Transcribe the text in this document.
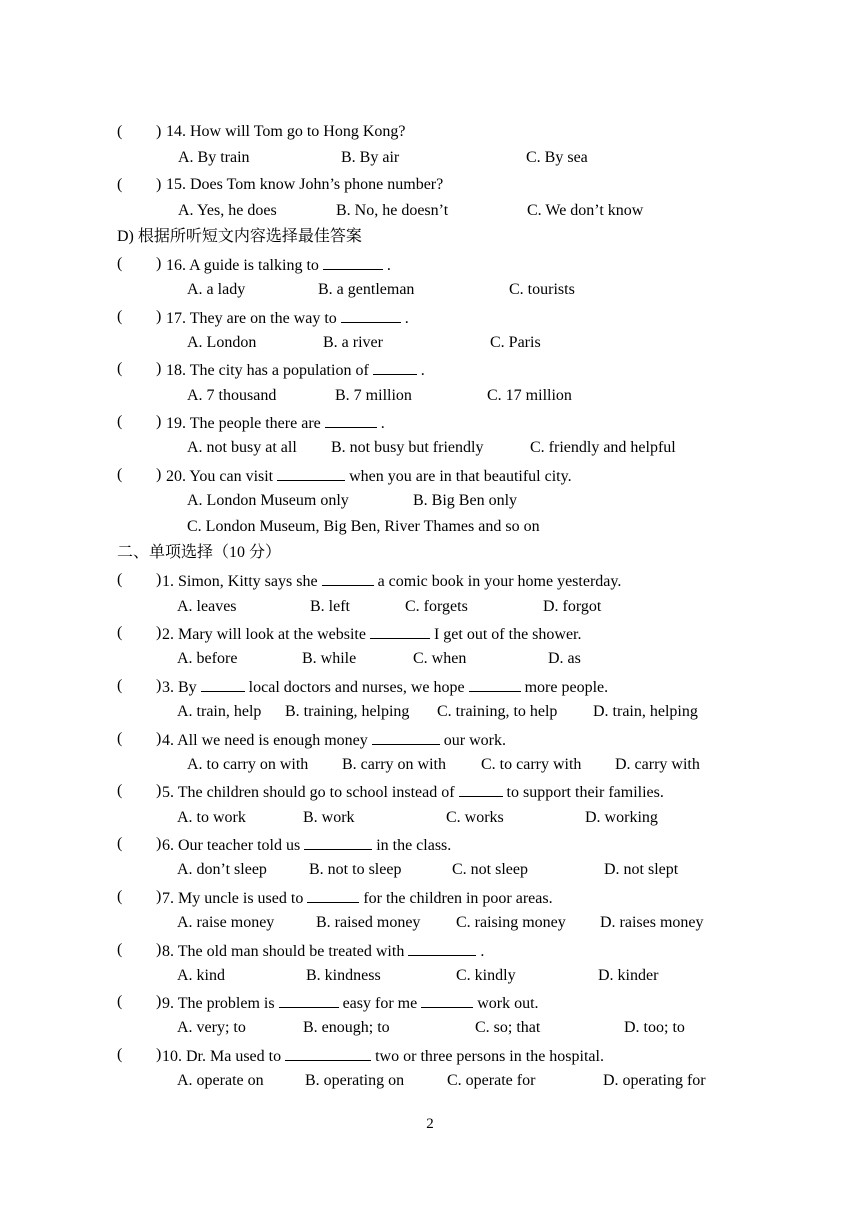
( ) 14. How will Tom go to Hong Kong?
A. By train	B. By air	C. By sea
( ) 15. Does Tom know John’s phone number?
A. Yes, he does	B. No, he doesn’t	C. We don’t know
D) 根据所听短文内容选择最佳答案
( ) 16. A guide is talking to	.
A. a lady	B. a gentleman	C. tourists
( ) 17. They are on the way to	.
A. London	B. a river	C. Paris
( ) 18. The city has a population of	.
A. 7 thousand	B. 7 million	C. 17 million
( ) 19. The people there are	.
A. not busy at all B. not busy but friendly	C. friendly and helpful
( ) 20. You can visit	when you are in that beautiful city.
A. London Museum only	B. Big Ben only
C. London Museum, Big Ben, River Thames and so on
二、单项选择（10 分）
( ) 1. Simon, Kitty says she	a comic book in your home yesterday.
A. leaves	B. left	C. forgets	D. forgot
( ) 2. Mary will look at the website	I get out of the shower.
A. before	B. while	C. when	D. as
( ) 3. By	local doctors and nurses, we hope	more people.
A. train, help B. training, helping C. training, to help D. train, helping
( ) 4. All we need is enough money	our work.
A. to carry on with B. carry on with C. to carry with D. carry with
( ) 5. The children should go to school instead of	to support their families.
A. to work	B. work	C. works	D. working
( ) 6. Our teacher told us	in the class.
A. don’t sleep	B. not to sleep	C. not sleep	D. not slept
( ) 7. My uncle is used to	for the children in poor areas.
A. raise money	B. raised money C. raising money D. raises money
( ) 8. The old man should be treated with	.
A. kind	B. kindness	C. kindly	D. kinder
( ) 9. The problem is	easy for me	work out.
A. very; to	B. enough; to	C. so; that	D. too; to
( ) 10. Dr. Ma used to	two or three persons in the hospital.
A. operate on	B. operating on	C. operate for	D. operating for
2
